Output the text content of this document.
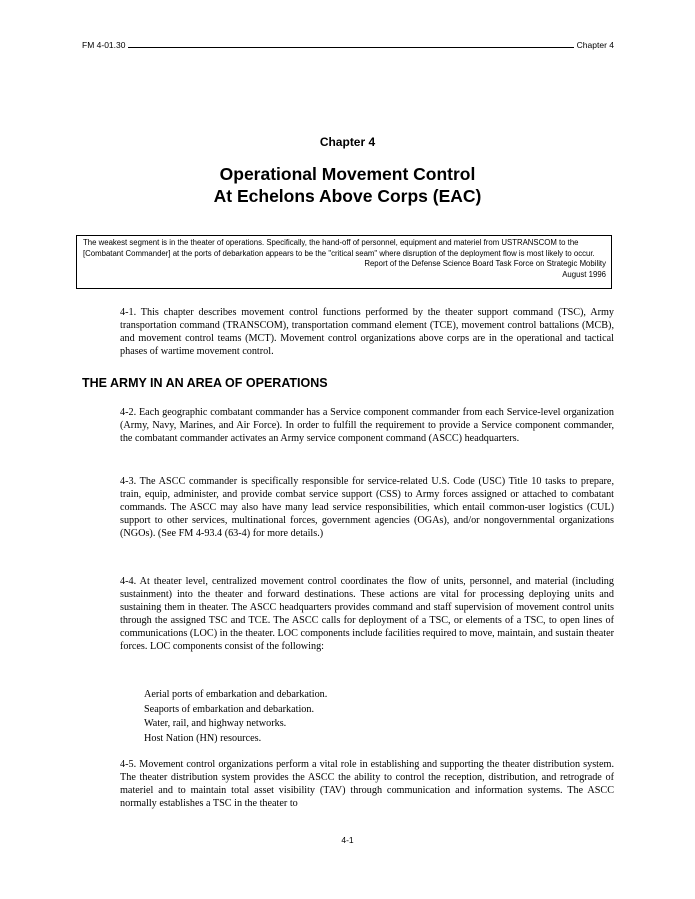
FM 4-01.30	Chapter 4
Chapter 4
Operational Movement Control
At Echelons Above Corps (EAC)
The weakest segment is in the theater of operations. Specifically, the hand-off of personnel, equipment and materiel from USTRANSCOM to the [Combatant Commander] at the ports of debarkation appears to be the "critical seam" where disruption of the deployment flow is most likely to occur.
Report of the Defense Science Board Task Force on Strategic Mobility
August 1996

4-1. This chapter describes movement control functions performed by the theater support command (TSC), Army transportation command (TRANSCOM), transportation command element (TCE), movement control battalions (MCB), and movement control teams (MCT). Movement control organizations above corps are in the operational and tactical phases of wartime movement control.

THE ARMY IN AN AREA OF OPERATIONS

4-2. Each geographic combatant commander has a Service component commander from each Service-level organization (Army, Navy, Marines, and Air Force). In order to fulfill the requirement to provide a Service component commander, the combatant commander activates an Army service component command (ASCC) headquarters.

4-3. The ASCC commander is specifically responsible for service-related U.S. Code (USC) Title 10 tasks to prepare, train, equip, administer, and provide combat service support (CSS) to Army forces assigned or attached to combatant commands. The ASCC may also have many lead service responsibilities, which entail common-user logistics (CUL) support to other services, multinational forces, government agencies (OGAs), and/or nongovernmental organizations (NGOs). (See FM 4-93.4 (63-4) for more details.)

4-4. At theater level, centralized movement control coordinates the flow of units, personnel, and material (including sustainment) into the theater and forward destinations. These actions are vital for processing deploying units and sustaining them in theater. The ASCC headquarters provides command and staff supervision of movement control units through the assigned TSC and TCE. The ASCC calls for deployment of a TSC, or elements of a TSC, to open lines of communications (LOC) in the theater. LOC components include facilities required to move, maintain, and sustain theater forces. LOC components consist of the following:

Aerial ports of embarkation and debarkation.
Seaports of embarkation and debarkation.
Water, rail, and highway networks.
Host Nation (HN) resources.

4-5. Movement control organizations perform a vital role in establishing and supporting the theater distribution system. The theater distribution system provides the ASCC the ability to control the reception, distribution, and retrograde of materiel and to maintain total asset visibility (TAV) through communication and information systems. The ASCC normally establishes a TSC in the theater to

4-1
